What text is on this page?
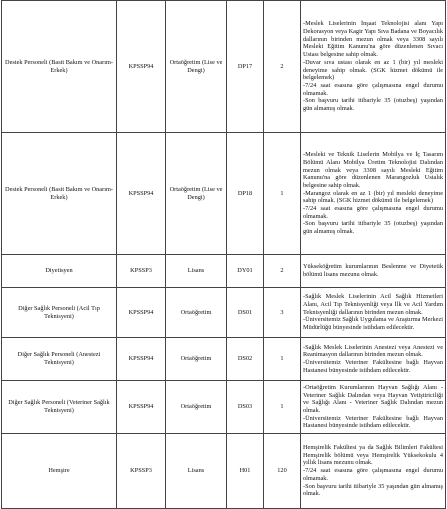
Destek Personeli (Basit Bakım ve Onarım-Erkek)	KPSSP94	Ortaöğretim (Lise ve Dengi)	DP17	2	-Meslek Liselerinin İnşaat Teknolojisi alanı Yapı Dekorasyon veya Kagir Yapı Sıva Badana ve Boyacılık dallarının birinden mezun olmak veya 3308 sayılı Mesleki Eğitim Kanunu'na göre düzenlenen Sıvacı Ustası belgesine sahip olmak.
-Duvar sıva ustası olarak en az 1 (bir) yıl mesleki deneyime sahip olmak. (SGK hizmet dökümü ile belgelemek)
-7/24 saat esasına göre çalışmasına engel durumu olmamak.
-Son başvuru tarihi itibariyle 35 (otuzbeş) yaşından gün almamış olmak.

Destek Personeli (Basit Bakım ve Onarım-Erkek)	KPSSP94	Ortaöğretim (Lise ve Dengi)	DP18	1	-Mesleki ve Teknik Liselerin Mobilya ve İç Tasarım Bölümü Alanı Mobilya Üretim Teknolojisi Dalından mezun olmak veya 3308 sayılı Mesleki Eğitim Kanunu'na göre düzenlenen Marangozluk Ustalık belgesine sahip olmak.
-Marangoz olarak en az 1 (bir) yıl mesleki deneyime sahip olmak. (SGK hizmet dökümü ile belgelemek)
-7/24 saat esasına göre çalışmasına engel durumu olmamak.
-Son başvuru tarihi itibariyle 35 (otuzbeş) yaşından gün almamış olmak.

Diyetisyen	KPSSP3	Lisans	DY01	2	Yükseköğretim kurumlarının Beslenme ve Diyetetik bölümü lisans mezunu olmak.

Diğer Sağlık Personeli (Acil Tıp Teknisyeni)	KPSSP94	Ortaöğretim	DS01	3	-Sağlık Meslek Liselerinin Acil Sağlık Hizmetleri Alanı, Acil Tıp Teknisyenliği veya İlk ve Acil Yardım Teknisyenliği dallarının birinden mezun olmak.
-Üniversitemiz Sağlık Uygulama ve Araştırma Merkezi Müdürlüğü bünyesinde istihdam edilecektir.

Diğer Sağlık Personeli (Anestezi Teknisyeni)	KPSSP94	Ortaöğretim	DS02	1	-Sağlık Meslek Liselerinin Anestezi veya Anestezi ve Reanimasyon dallarının birinden mezun olmak.
-Üniversitemiz Veteriner Fakültesine bağlı Hayvan Hastanesi bünyesinde istihdam edilecektir.

Diğer Sağlık Personeli (Veteriner Sağlık Teknisyeni)	KPSSP94	Ortaöğretim	DS03	1	-Ortaöğretim Kurumlarının Hayvan Sağlığı Alanı - Veteriner Sağlık Dalından veya Hayvan Yetiştiriciliği ve Sağlığı Alanı - Veteriner Sağlık Dalından mezun olmak.
-Üniversitemiz Veteriner Fakültesine bağlı Hayvan Hastanesi bünyesinde istihdam edilecektir.

Hemşire	KPSSP3	Lisans	H01	120	Hemşirelik Fakültesi ya da Sağlık Bilimleri Fakültesi Hemşirelik bölümü veya Hemşirelik Yüksekokulu 4 yıllık lisans mezunu olmak.
-7/24 saat esasına göre çalışmasına engel durumu olmamak.
-Son başvuru tarihi itibariyle 35 yaşından gün almamış olmak.
